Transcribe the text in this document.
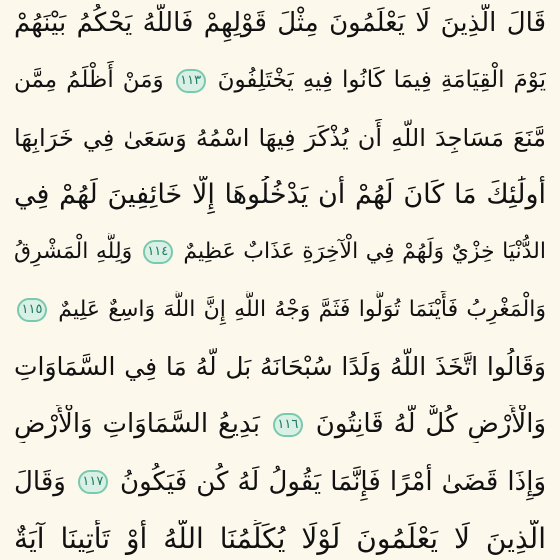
قَالَ الَّذِينَ لَا يَعْلَمُونَ مِثْلَ قَوْلِهِمْ فَاللَّهُ يَحْكُمُ بَيْنَهُمْ
يَوْمَ الْقِيَامَةِ فِيمَا كَانُوا فِيهِ يَخْتَلِفُونَ ١١٣ وَمَنْ أَظْلَمُ مِمَّن
مَّنَعَ مَسَاجِدَ اللَّهِ أَن يُذْكَرَ فِيهَا اسْمُهُ وَسَعَىٰ فِي خَرَابِهَا
أُولَٰئِكَ مَا كَانَ لَهُمْ أَن يَدْخُلُوهَا إِلَّا خَائِفِينَ لَهُمْ فِي
الدُّنْيَا خِزْيٌ وَلَهُمْ فِي الْآخِرَةِ عَذَابٌ عَظِيمٌ ١١٤ وَلِلَّهِ الْمَشْرِقُ
وَالْمَغْرِبُ فَأَيْنَمَا تُوَلُّوا فَثَمَّ وَجْهُ اللَّهِ إِنَّ اللَّهَ وَاسِعٌ عَلِيمٌ ١١٥
وَقَالُوا اتَّخَذَ اللَّهُ وَلَدًا سُبْحَانَهُ بَل لَّهُ مَا فِي السَّمَاوَاتِ
وَالْأَرْضِ كُلٌّ لَّهُ قَانِتُونَ ١١٦ بَدِيعُ السَّمَاوَاتِ وَالْأَرْضِ
وَإِذَا قَضَىٰ أَمْرًا فَإِنَّمَا يَقُولُ لَهُ كُن فَيَكُونُ ١١٧ وَقَالَ
الَّذِينَ لَا يَعْلَمُونَ لَوْلَا يُكَلِّمُنَا اللَّهُ أَوْ تَأْتِينَا آيَةٌ
